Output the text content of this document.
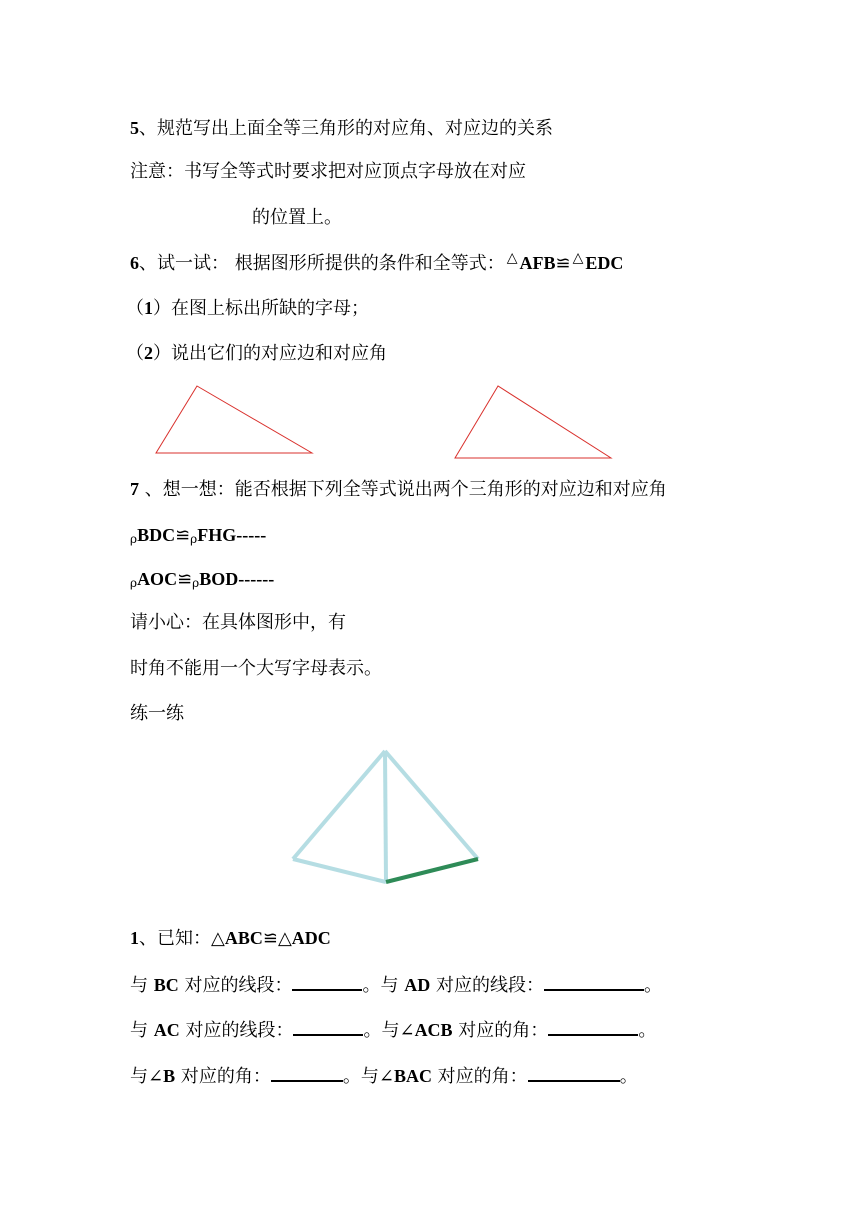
5、规范写出上面全等三角形的对应角、对应边的关系
注意：书写全等式时要求把对应顶点字母放在对应
的位置上。
6、试一试： 根据图形所提供的条件和全等式： △ AFB≌ △ EDC
（1）在图上标出所缺的字母；
（2）说出它们的对应边和对应角
7 、想一想：能否根据下列全等式说出两个三角形的对应边和对应角
ρBDC≌ρFHG-----
ρAOC≌ρBOD------
请小心：在具体图形中，有
时角不能用一个大写字母表示。
练一练
1、已知：△ABC≌△ADC
与 BC 对应的线段：	。与 AD 对应的线段：	。
与 AC 对应的线段：	。与∠ACB 对应的角：	。
与∠B 对应的角：	。与∠BAC 对应的角：	。
